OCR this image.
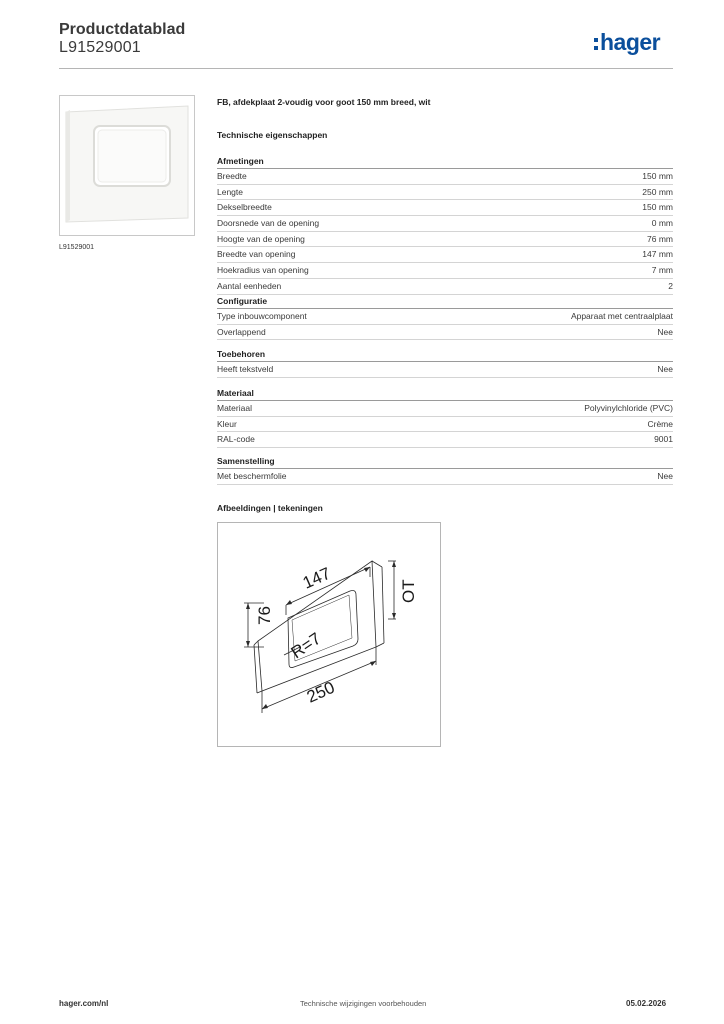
Productdatablad
L91529001	hager
L91529001
FB, afdekplaat 2-voudig voor goot 150 mm breed, wit
Technische eigenschappen
Afmetingen
Breedte	150 mm
Lengte	250 mm
Dekselbreedte	150 mm
Doorsnede van de opening	0 mm
Hoogte van de opening	76 mm
Breedte van opening	147 mm
Hoekradius van opening	7 mm
Aantal eenheden	2
Configuratie
Type inbouwcomponent	Apparaat met centraalplaat
Overlappend	Nee
Toebehoren
Heeft tekstveld	Nee
Materiaal
Materiaal	Polyvinylchloride (PVC)
Kleur	Crème
RAL-code	9001
Samenstelling
Met beschermfolie	Nee
Afbeeldingen | tekeningen
147
76
R=7
250
OT
hager.com/nl	Technische wijzigingen voorbehouden	05.02.2026
